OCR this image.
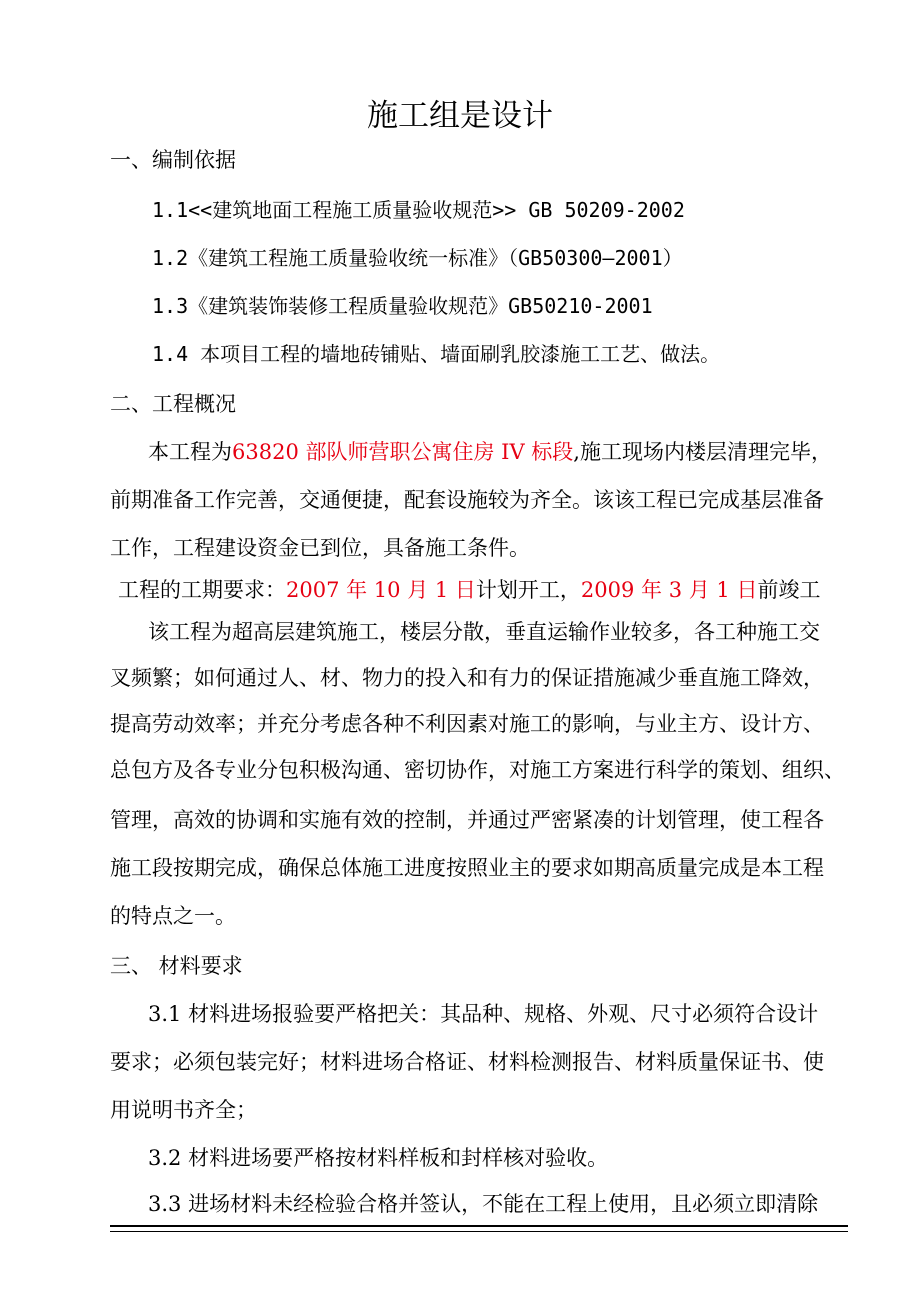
施工组是设计
一、编制依据
1.1<<建筑地面工程施工质量验收规范>> GB 50209-2002
1.2《建筑工程施工质量验收统一标准》（GB50300—2001）
1.3《建筑装饰装修工程质量验收规范》GB50210-2001
1.4 本项目工程的墙地砖铺贴、墙面刷乳胶漆施工工艺、做法。
二、工程概况
本工程为63820 部队师营职公寓住房 IV 标段,施工现场内楼层清理完毕，
前期准备工作完善，交通便捷，配套设施较为齐全。该该工程已完成基层准备
工作，工程建设资金已到位，具备施工条件。
工程的工期要求：2007 年 10 月 1 日计划开工，2009 年 3 月 1 日前竣工
该工程为超高层建筑施工，楼层分散，垂直运输作业较多，各工种施工交
叉频繁；如何通过人、材、物力的投入和有力的保证措施减少垂直施工降效，
提高劳动效率；并充分考虑各种不利因素对施工的影响，与业主方、设计方、
总包方及各专业分包积极沟通、密切协作，对施工方案进行科学的策划、组织、
管理，高效的协调和实施有效的控制，并通过严密紧凑的计划管理，使工程各
施工段按期完成，确保总体施工进度按照业主的要求如期高质量完成是本工程
的特点之一。
三、 材料要求
3.1 材料进场报验要严格把关：其品种、规格、外观、尺寸必须符合设计
要求；必须包装完好；材料进场合格证、材料检测报告、材料质量保证书、使
用说明书齐全；
3.2 材料进场要严格按材料样板和封样核对验收。
3.3 进场材料未经检验合格并签认，不能在工程上使用，且必须立即清除
